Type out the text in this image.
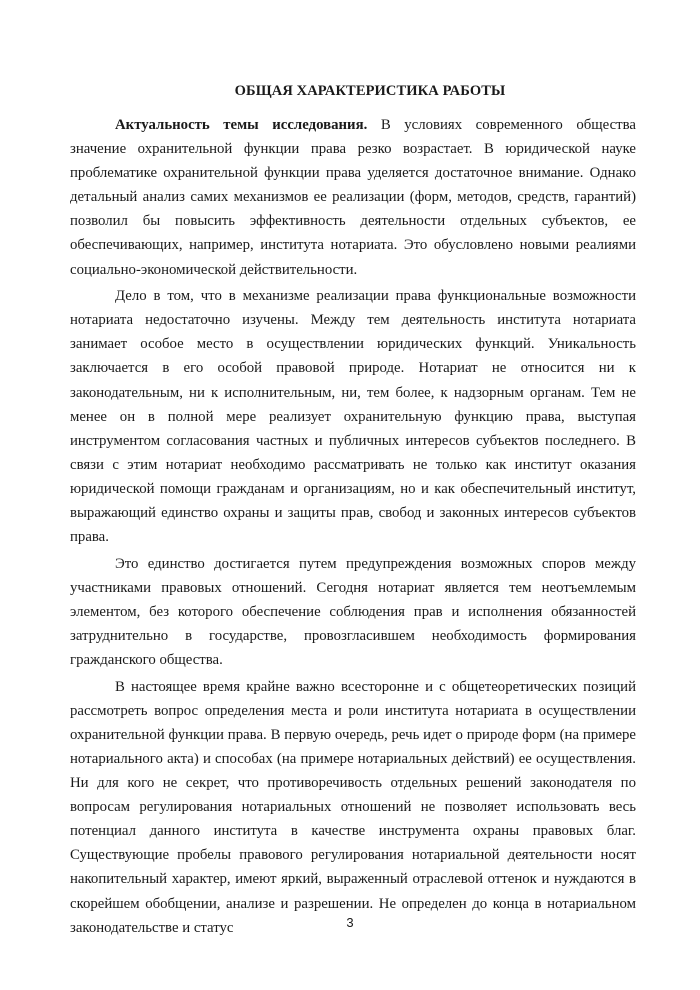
ОБЩАЯ ХАРАКТЕРИСТИКА РАБОТЫ

Актуальность темы исследования. В условиях современного общества значение охранительной функции права резко возрастает. В юридической науке проблематике охранительной функции права уделяется достаточное внимание. Однако детальный анализ самих механизмов ее реализации (форм, методов, средств, гарантий) позволил бы повысить эффективность деятельности отдельных субъектов, ее обеспечивающих, например, института нотариата. Это обусловлено новыми реалиями социально-экономической действительности.

Дело в том, что в механизме реализации права функциональные возможности нотариата недостаточно изучены. Между тем деятельность института нотариата занимает особое место в осуществлении юридических функций. Уникальность заключается в его особой правовой природе. Нотариат не относится ни к законодательным, ни к исполнительным, ни, тем более, к надзорным органам. Тем не менее он в полной мере реализует охранительную функцию права, выступая инструментом согласования частных и публичных интересов субъектов последнего. В связи с этим нотариат необходимо рассматривать не только как институт оказания юридической помощи гражданам и организациям, но и как обеспечительный институт, выражающий единство охраны и защиты прав, свобод и законных интересов субъектов права.

Это единство достигается путем предупреждения возможных споров между участниками правовых отношений. Сегодня нотариат является тем неотъемлемым элементом, без которого обеспечение соблюдения прав и исполнения обязанностей затруднительно в государстве, провозгласившем необходимость формирования гражданского общества.

В настоящее время крайне важно всесторонне и с общетеоретических позиций рассмотреть вопрос определения места и роли института нотариата в осуществлении охранительной функции права. В первую очередь, речь идет о природе форм (на примере нотариального акта) и способах (на примере нотариальных действий) ее осуществления. Ни для кого не секрет, что противоречивость отдельных решений законодателя по вопросам регулирования нотариальных отношений не позволяет использовать весь потенциал данного института в качестве инструмента охраны правовых благ. Существующие пробелы правового регулирования нотариальной деятельности носят накопительный характер, имеют яркий, выраженный отраслевой оттенок и нуждаются в скорейшем обобщении, анализе и разрешении. Не определен до конца в нотариальном законодательстве и статус	3
